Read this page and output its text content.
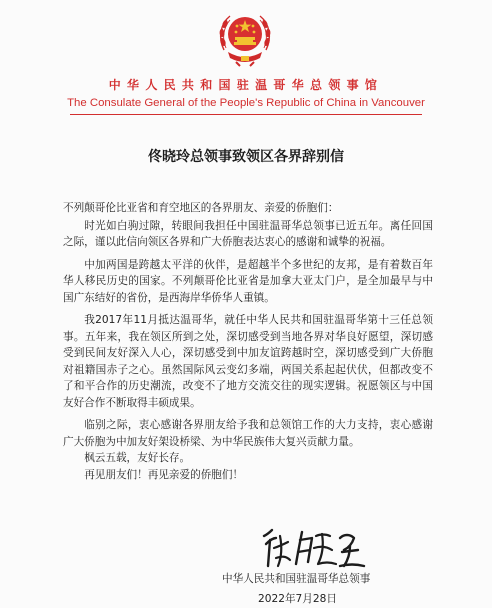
中华人民共和国驻温哥华总领事馆
The Consulate General of the People's Republic of China in Vancouver
佟晓玲总领事致领区各界辞别信

不列颠哥伦比亚省和育空地区的各界朋友、亲爱的侨胞们：

时光如白驹过隙，转眼间我担任中国驻温哥华总领事已近五年。离任回国之际，谨以此信向领区各界和广大侨胞表达衷心的感谢和诚挚的祝福。

中加两国是跨越太平洋的伙伴，是超越半个多世纪的友邦，是有着数百年华人移民历史的国家。不列颠哥伦比亚省是加拿大亚太门户，是全加最早与中国广东结好的省份，是西海岸华侨华人重镇。

我2017年11月抵达温哥华，就任中华人民共和国驻温哥华第十三任总领事。五年来，我在领区所到之处，深切感受到当地各界对华良好愿望，深切感受到民间友好深入人心，深切感受到中加友谊跨越时空，深切感受到广大侨胞对祖籍国赤子之心。虽然国际风云变幻多端，两国关系起起伏伏，但都改变不了和平合作的历史潮流，改变不了地方交流交往的现实逻辑。祝愿领区与中国友好合作不断取得丰硕成果。

临别之际，衷心感谢各界朋友给予我和总领馆工作的大力支持，衷心感谢广大侨胞为中加友好架设桥梁、为中华民族伟大复兴贡献力量。

枫云五载，友好长存。

再见朋友们！再见亲爱的侨胞们！

中华人民共和国驻温哥华总领事
2022年7月28日
